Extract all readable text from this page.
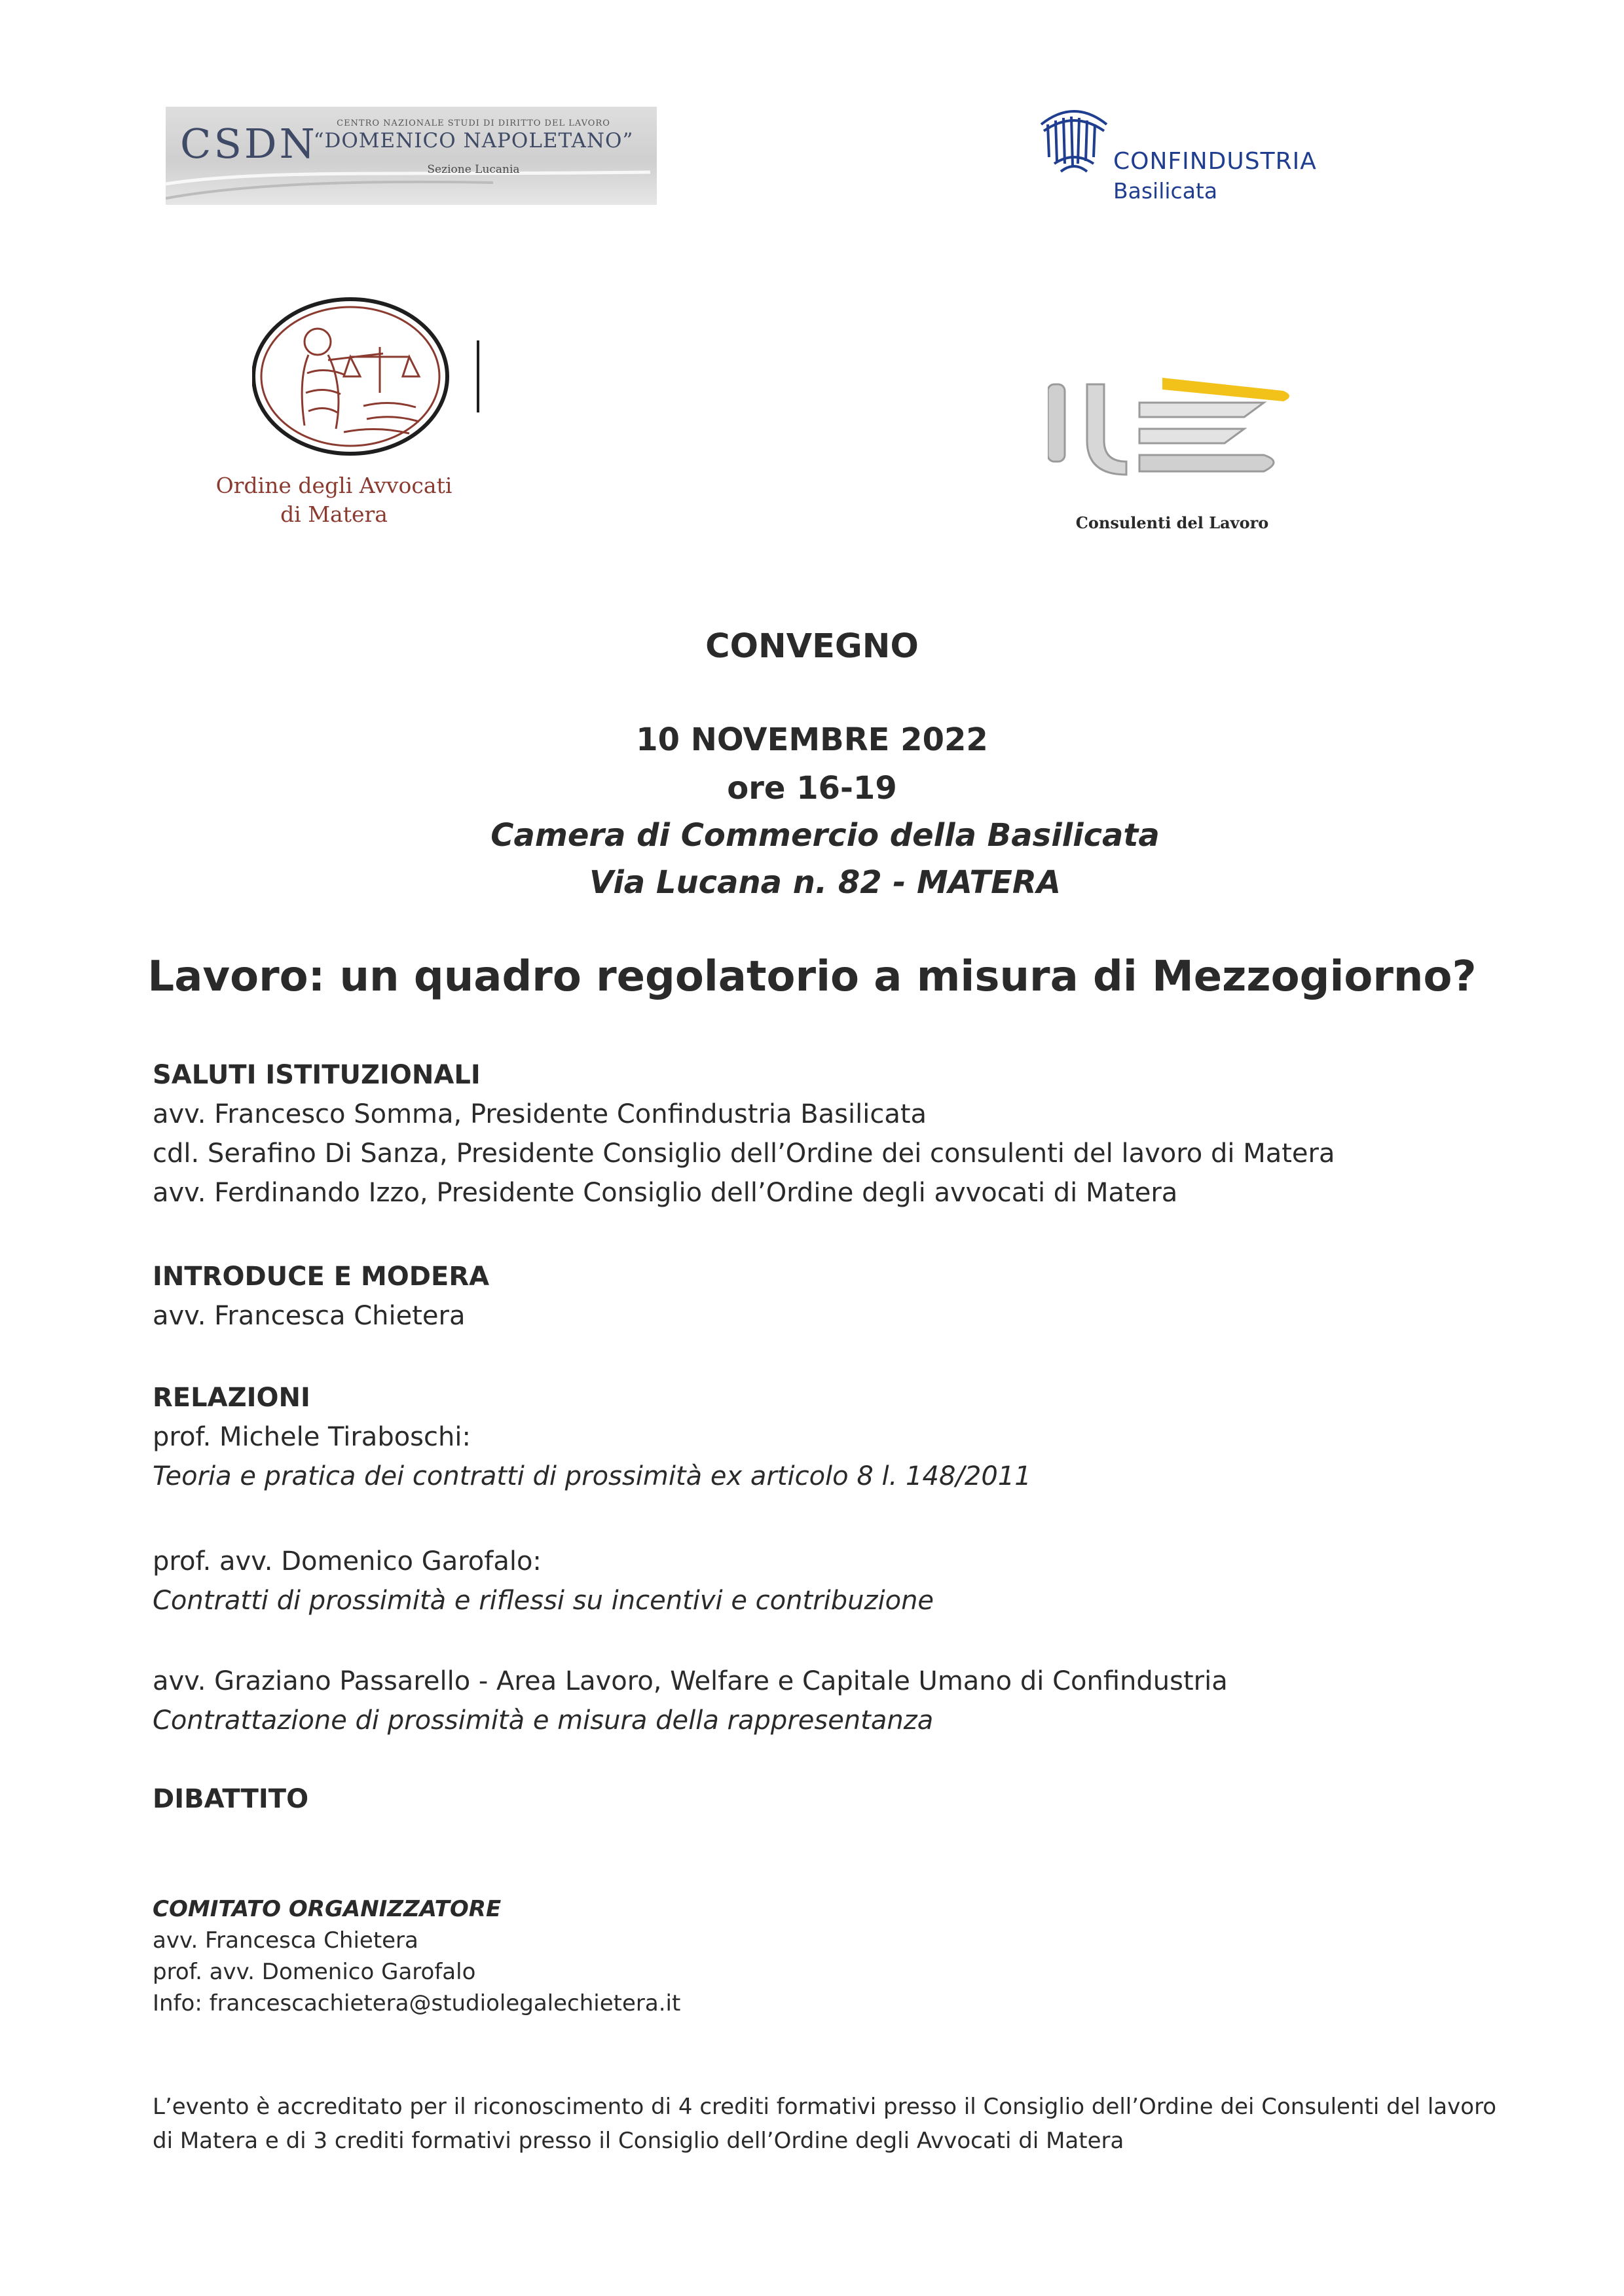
CSDN	CENTRO NAZIONALE STUDI DI DIRITTO DEL LAVORO
“DOMENICO NAPOLETANO”
Sezione Lucania	CONFINDUSTRIA
Basilicata
Ordine degli Avvocati
di Matera	Consulenti del Lavoro
CONVEGNO
10 NOVEMBRE 2022
ore 16-19
Camera di Commercio della Basilicata
Via Lucana n. 82 - MATERA
Lavoro: un quadro regolatorio a misura di Mezzogiorno?
SALUTI ISTITUZIONALI
avv. Francesco Somma, Presidente Confindustria Basilicata
cdl. Serafino Di Sanza, Presidente Consiglio dell’Ordine dei consulenti del lavoro di Matera
avv. Ferdinando Izzo, Presidente Consiglio dell’Ordine degli avvocati di Matera
INTRODUCE E MODERA
avv. Francesca Chietera
RELAZIONI
prof. Michele Tiraboschi:
Teoria e pratica dei contratti di prossimità ex articolo 8 l. 148/2011
prof. avv. Domenico Garofalo:
Contratti di prossimità e riflessi su incentivi e contribuzione
avv. Graziano Passarello - Area Lavoro, Welfare e Capitale Umano di Confindustria
Contrattazione di prossimità e misura della rappresentanza
DIBATTITO
COMITATO ORGANIZZATORE
avv. Francesca Chietera
prof. avv. Domenico Garofalo
Info: francescachietera@studiolegalechietera.it
L’evento è accreditato per il riconoscimento di 4 crediti formativi presso il Consiglio dell’Ordine dei Consulenti del lavoro
di Matera e di 3 crediti formativi presso il Consiglio dell’Ordine degli Avvocati di Matera
